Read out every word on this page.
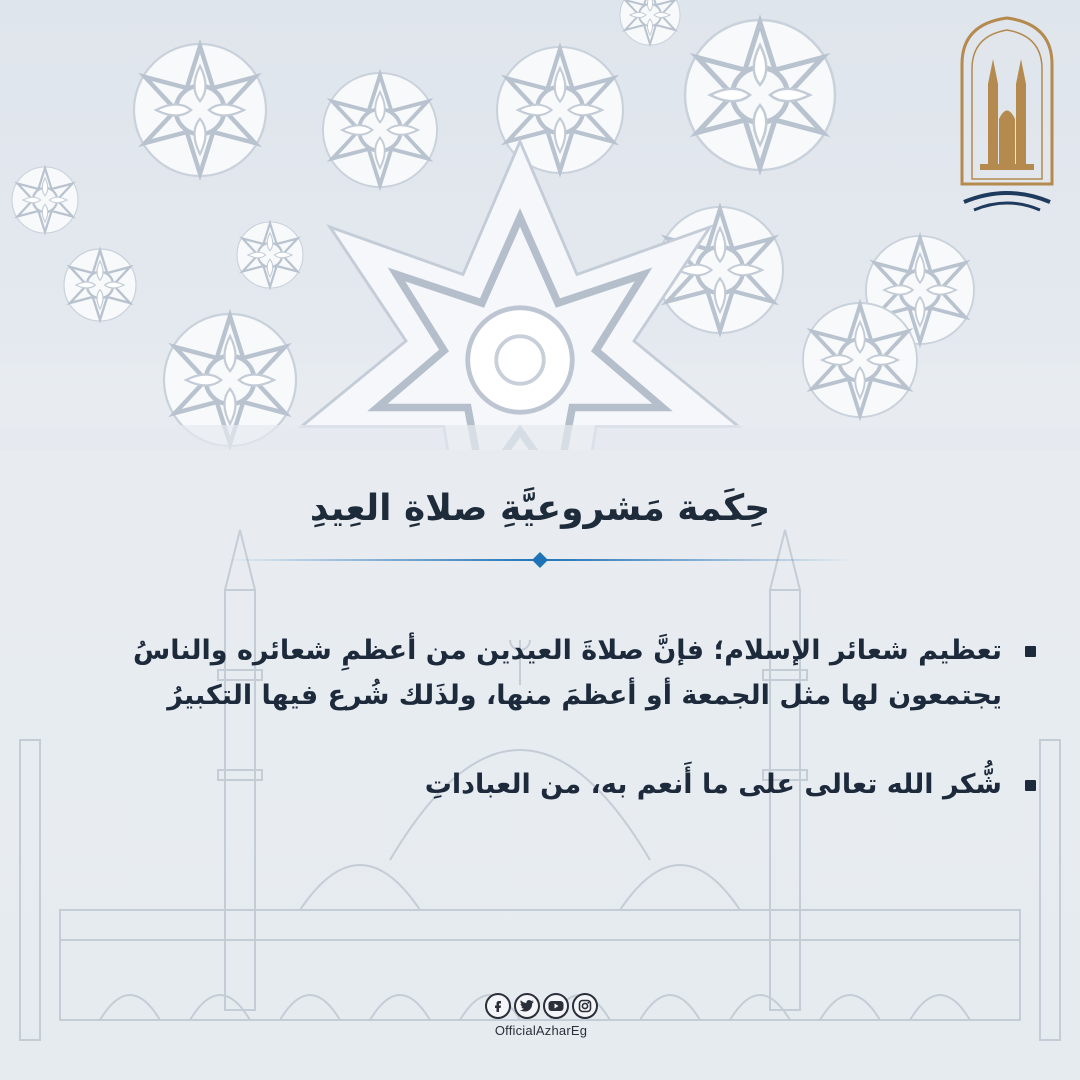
حِكَمة مَشروعيَّةِ صلاةِ العِيدِ
تعظيم شعائر الإسلام؛ فإنَّ صلاةَ العيدين من أعظمِ شعائره والناسُ يجتمعون لها مثل الجمعة أو أعظمَ منها، ولذَلك شُرع فيها التكبيرُ
شُّكر الله تعالى على ما أَنعم به، من العباداتِ
OfficialAzharEg
